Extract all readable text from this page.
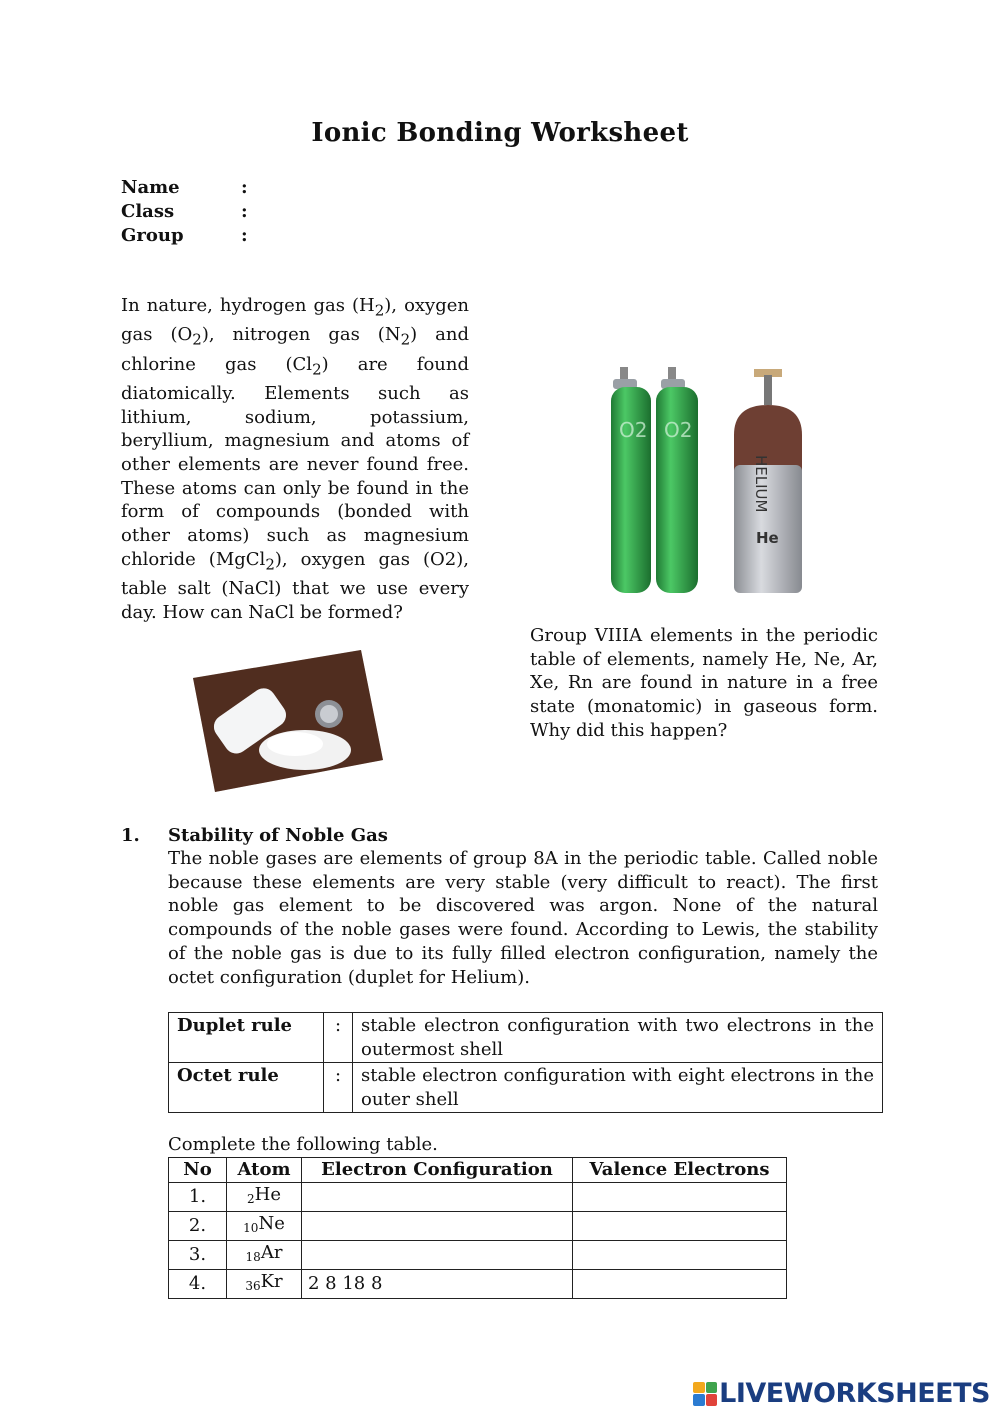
Ionic Bonding Worksheet
Name	:
Class	:
Group	:
In nature, hydrogen gas $(H_2)$, oxygen gas $(O_2)$, nitrogen gas $(N_2)$ and chlorine gas $(Cl_2)$ are found diatomically. Elements such as lithium, sodium, potassium, beryllium, magnesium and atoms of other elements are never found free. These atoms can only be found in the form of compounds (bonded with other atoms) such as magnesium chloride (MgCl$_2$), oxygen gas (O2), table salt (NaCl) that we use every day. How can NaCl be formed?
O2 O2
HELIUM
He
Group VIIIA elements in the periodic table of elements, namely He, Ne, Ar, Xe, Rn are found in nature in a free state (monatomic) in gaseous form. Why did this happen?
1. Stability of Noble Gas
The noble gases are elements of group 8A in the periodic table. Called noble because these elements are very stable (very difficult to react). The first noble gas element to be discovered was argon. None of the natural compounds of the noble gases were found. According to Lewis, the stability of the noble gas is due to its fully filled electron configuration, namely the octet configuration (duplet for Helium).
Duplet rule	:	stable electron configuration with two electrons in the outermost shell
Octet rule	:	stable electron configuration with eight electrons in the outer shell
Complete the following table.
No	Atom	Electron Configuration	Valence Electrons
1.	$_2$He		
2.	$_{10}$Ne		
3.	$_{18}$Ar		
4.	$_{36}$Kr	2 8 18 8	
LIVEWORKSHEETS
